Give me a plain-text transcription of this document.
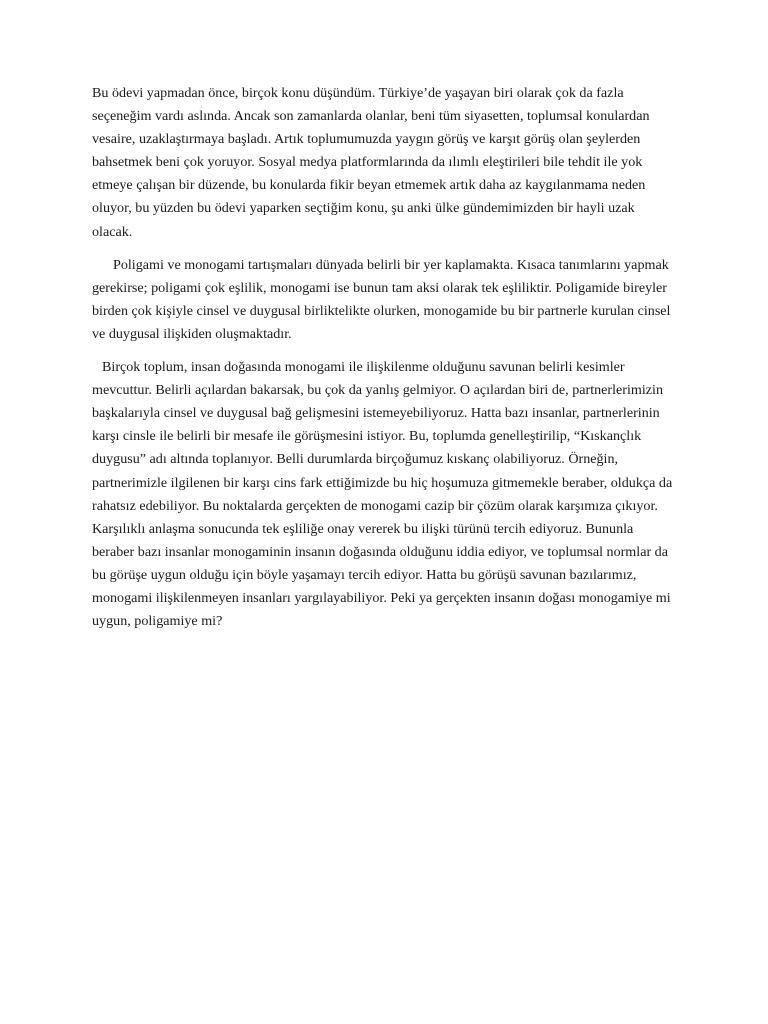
Bu ödevi yapmadan önce, birçok konu düşündüm. Türkiye’de yaşayan biri olarak çok da fazla seçeneğim vardı aslında. Ancak son zamanlarda olanlar, beni tüm siyasetten, toplumsal konulardan vesaire, uzaklaştırmaya başladı. Artık toplumumuzda yaygın görüş ve karşıt görüş olan şeylerden bahsetmek beni çok yoruyor. Sosyal medya platformlarında da ılımlı eleştirileri bile tehdit ile yok etmeye çalışan bir düzende, bu konularda fikir beyan etmemek artık daha az kaygılanmama neden oluyor, bu yüzden bu ödevi yaparken seçtiğim konu, şu anki ülke gündemimizden bir hayli uzak olacak.

Poligami ve monogami tartışmaları dünyada belirli bir yer kaplamakta. Kısaca tanımlarını yapmak gerekirse; poligami çok eşlilik, monogami ise bunun tam aksi olarak tek eşliliktir. Poligamide bireyler birden çok kişiyle cinsel ve duygusal birliktelikte olurken, monogamide bu bir partnerle kurulan cinsel ve duygusal ilişkiden oluşmaktadır.

Birçok toplum, insan doğasında monogami ile ilişkilenme olduğunu savunan belirli kesimler mevcuttur. Belirli açılardan bakarsak, bu çok da yanlış gelmiyor. O açılardan biri de, partnerlerimizin başkalarıyla cinsel ve duygusal bağ gelişmesini istemeyebiliyoruz. Hatta bazı insanlar, partnerlerinin karşı cinsle ile belirli bir mesafe ile görüşmesini istiyor. Bu, toplumda genelleştirilip, “Kıskançlık duygusu” adı altında toplanıyor. Belli durumlarda birçoğumuz kıskanç olabiliyoruz. Örneğin, partnerimizle ilgilenen bir karşı cins fark ettiğimizde bu hiç hoşumuza gitmemekle beraber, oldukça da rahatsız edebiliyor. Bu noktalarda gerçekten de monogami cazip bir çözüm olarak karşımıza çıkıyor. Karşılıklı anlaşma sonucunda tek eşliliğe onay vererek bu ilişki türünü tercih ediyoruz. Bununla beraber bazı insanlar monogaminin insanın doğasında olduğunu iddia ediyor, ve toplumsal normlar da bu görüşe uygun olduğu için böyle yaşamayı tercih ediyor. Hatta bu görüşü savunan bazılarımız, monogami ilişkilenmeyen insanları yargılayabiliyor. Peki ya gerçekten insanın doğası monogamiye mi uygun, poligamiye mi?
